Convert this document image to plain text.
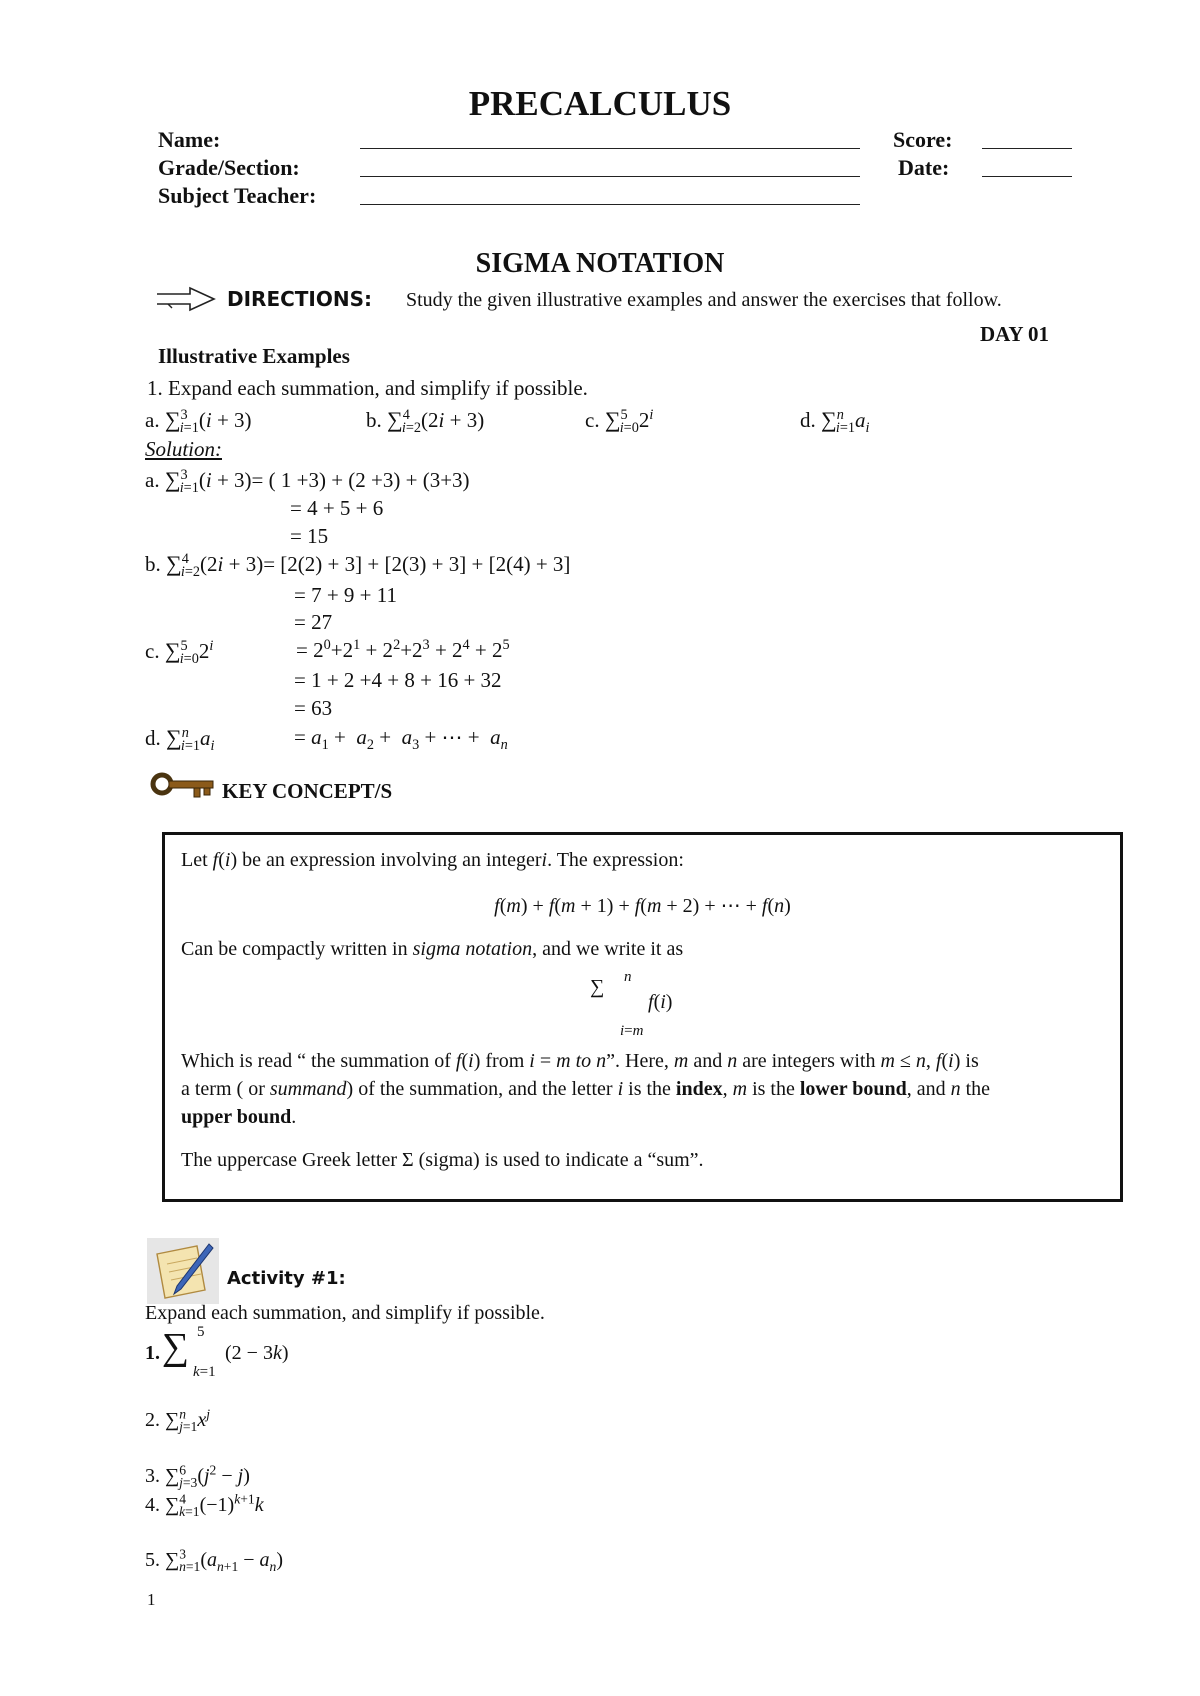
PRECALCULUS
Name:	Score:
Grade/Section:	Date:
Subject Teacher:
SIGMA NOTATION
DIRECTIONS: Study the given illustrative examples and answer the exercises that follow.
DAY 01
Illustrative Examples
1. Expand each summation, and simplify if possible.
a. ∑$^3_{i=1}$(i + 3)	b. ∑$^4_{i=2}$(2i + 3)	c. $\sum^5_{i=0}2^i$	d. $\sum^n_{i=1}a_i$
Solution:
a. ∑$^3_{i=1}$(i + 3)= ( 1 +3) + (2 +3) + (3+3)
= 4 + 5 + 6
= 15
b. ∑$^4_{i=2}$(2i + 3)= [2(2) + 3] + [2(3) + 3] + [2(4) + 3]
= 7 + 9 + 11
= 27
c. $\sum^5_{i=0}2^i$	= $2^0+2^1 + 2^2+2^3 + 2^4 + 2^5$
= 1 + 2 +4 + 8 + 16 + 32
= 63
d. $\sum^n_{i=1}a_i$	= $a_1 + a_2 + a_3$ + ⋯ +  $a_n$
KEY CONCEPT/S
Let f(i) be an expression involving an integeri. The expression:
f(m) + f(m + 1) + f(m + 2) + ⋯ + f(n)
Can be compactly written in sigma notation, and we write it as
∑ n
i=m
f(i)
Which is read “ the summation of f(i) from i = m to n”. Here, m and n are integers with m ≤ n, f(i) is
a term ( or summand) of the summation, and the letter i is the index, m is the lower bound, and n the
upper bound.
The uppercase Greek letter Σ (sigma) is used to indicate a “sum”.
Activity #1:
Expand each summation, and simplify if possible.
1. ∑ 5
k=1
(2 − 3k)
2. $\sum^n_{j=1}x^j$
3. $\sum^6_{j=3}(j^2 - j)$
4. $\sum^4_{k=1}(-1)^{k+1}k$
5. $\sum^3_{n=1}(a_{n+1} - a_n)$
1
